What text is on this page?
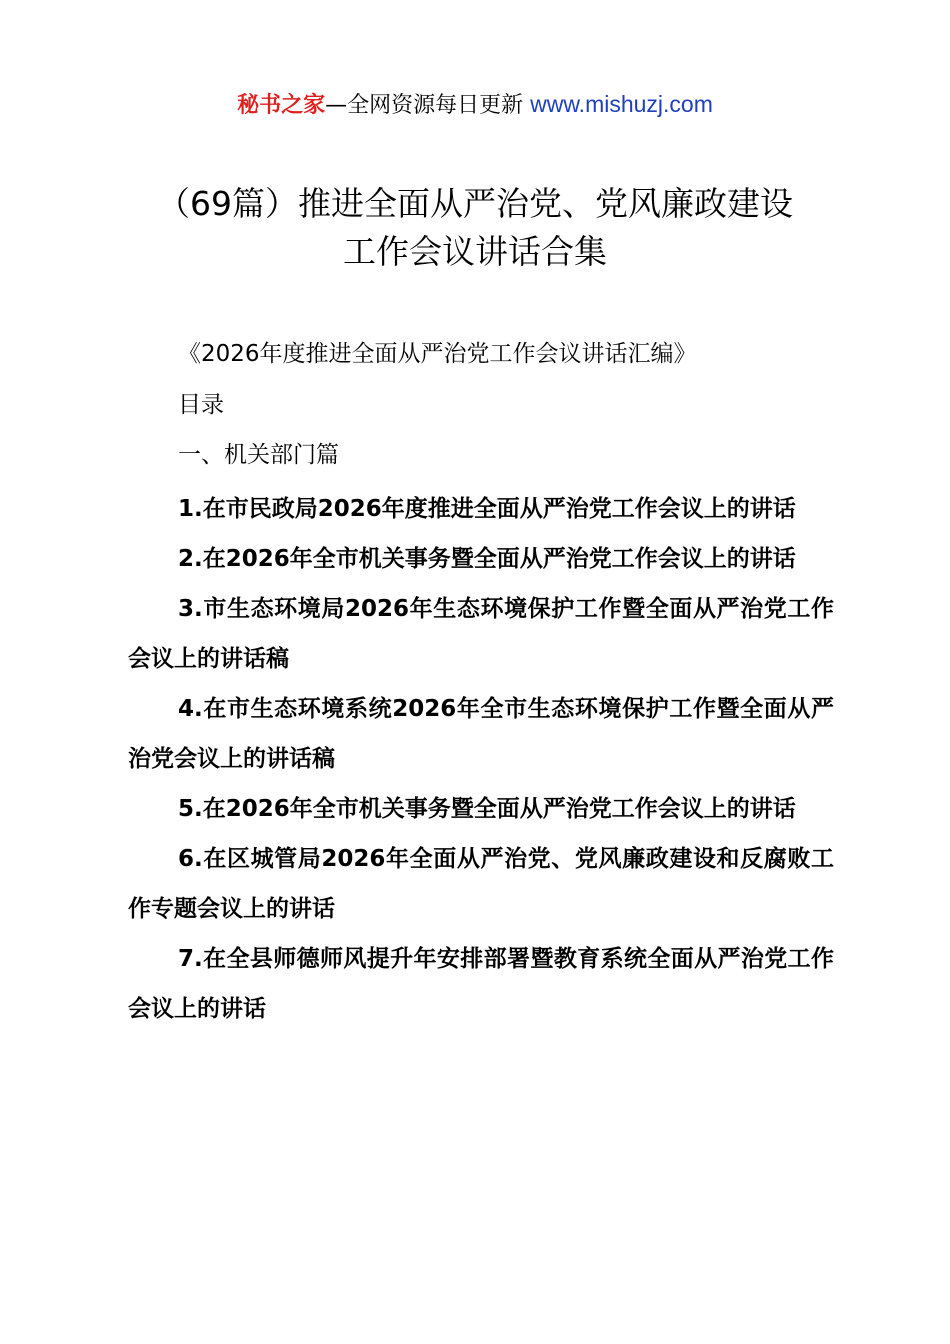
秘书之家—全网资源每日更新 www.mishuzj.com
（69篇）推进全面从严治党、党风廉政建设
工作会议讲话合集
《2026年度推进全面从严治党工作会议讲话汇编》
目录
一、机关部门篇

1.在市民政局2026年度推进全面从严治党工作会议上的讲话

2.在2026年全市机关事务暨全面从严治党工作会议上的讲话

3.市生态环境局2026年生态环境保护工作暨全面从严治党工作会议上的讲话稿

4.在市生态环境系统2026年全市生态环境保护工作暨全面从严治党会议上的讲话稿

5.在2026年全市机关事务暨全面从严治党工作会议上的讲话

6.在区城管局2026年全面从严治党、党风廉政建设和反腐败工作专题会议上的讲话

7.在全县师德师风提升年安排部署暨教育系统全面从严治党工作会议上的讲话
